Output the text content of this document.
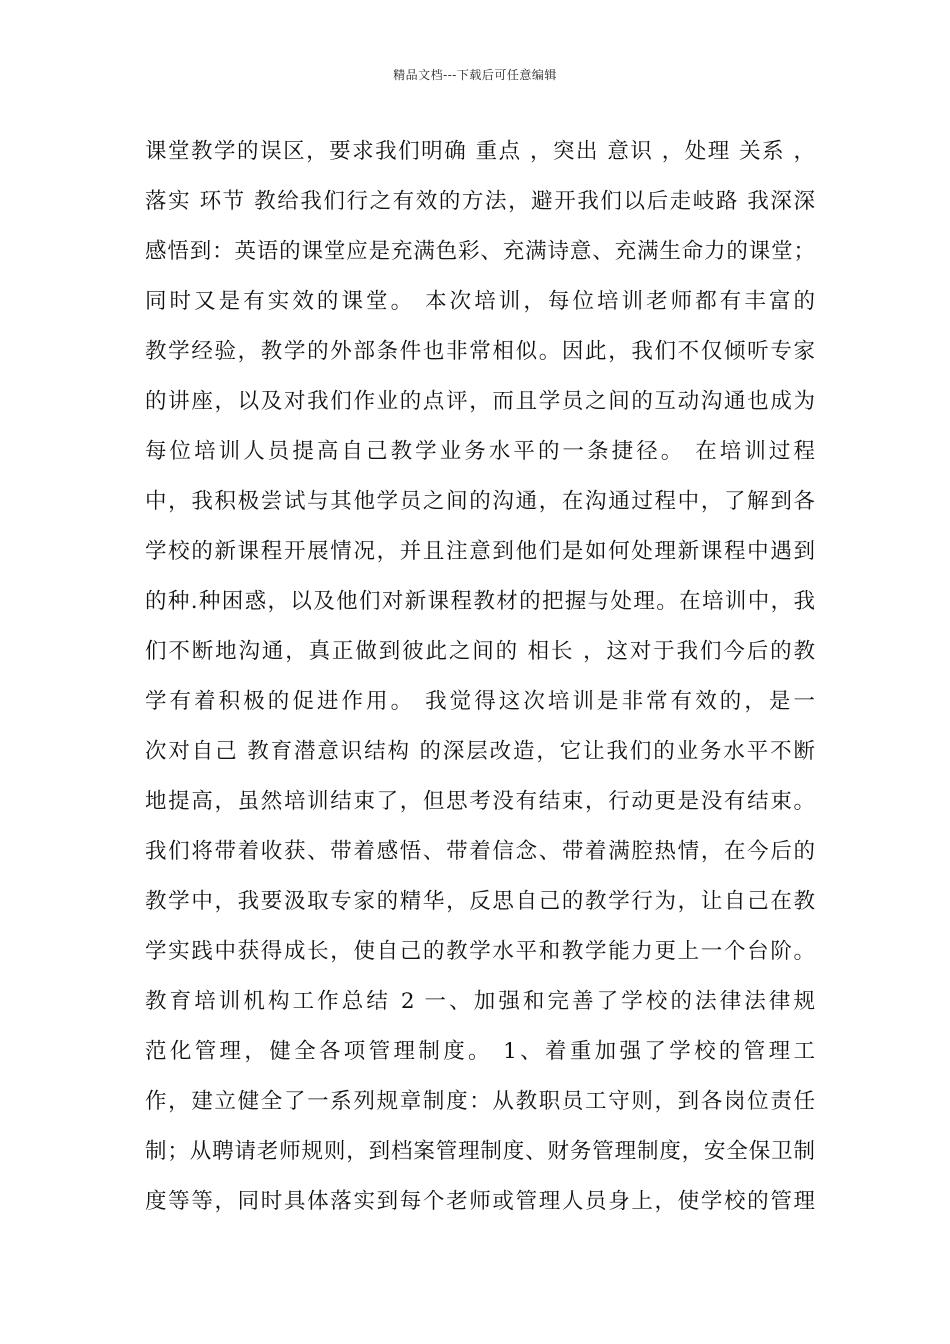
精品文档---下载后可任意编辑
课堂教学的误区，要求我们明确 重点 ，突出 意识 ，处理 关系 ，
落实 环节 教给我们行之有效的方法，避开我们以后走岐路 我深深
感悟到：英语的课堂应是充满色彩、充满诗意、充满生命力的课堂；
同时又是有实效的课堂。 本次培训，每位培训老师都有丰富的
教学经验，教学的外部条件也非常相似。因此，我们不仅倾听专家
的讲座，以及对我们作业的点评，而且学员之间的互动沟通也成为
每位培训人员提高自己教学业务水平的一条捷径。 在培训过程
中，我积极尝试与其他学员之间的沟通，在沟通过程中，了解到各
学校的新课程开展情况，并且注意到他们是如何处理新课程中遇到
的种.种困惑，以及他们对新课程教材的把握与处理。在培训中，我
们不断地沟通，真正做到彼此之间的 相长 ，这对于我们今后的教
学有着积极的促进作用。 我觉得这次培训是非常有效的，是一
次对自己 教育潜意识结构 的深层改造，它让我们的业务水平不断
地提高，虽然培训结束了，但思考没有结束，行动更是没有结束。
我们将带着收获、带着感悟、带着信念、带着满腔热情，在今后的
教学中，我要汲取专家的精华，反思自己的教学行为，让自己在教
学实践中获得成长，使自己的教学水平和教学能力更上一个台阶。
教育培训机构工作总结 2 一、加强和完善了学校的法律法律规
范化管理，健全各项管理制度。 1、着重加强了学校的管理工
作，建立健全了一系列规章制度：从教职员工守则，到各岗位责任
制；从聘请老师规则，到档案管理制度、财务管理制度，安全保卫制
度等等，同时具体落实到每个老师或管理人员身上，使学校的管理
